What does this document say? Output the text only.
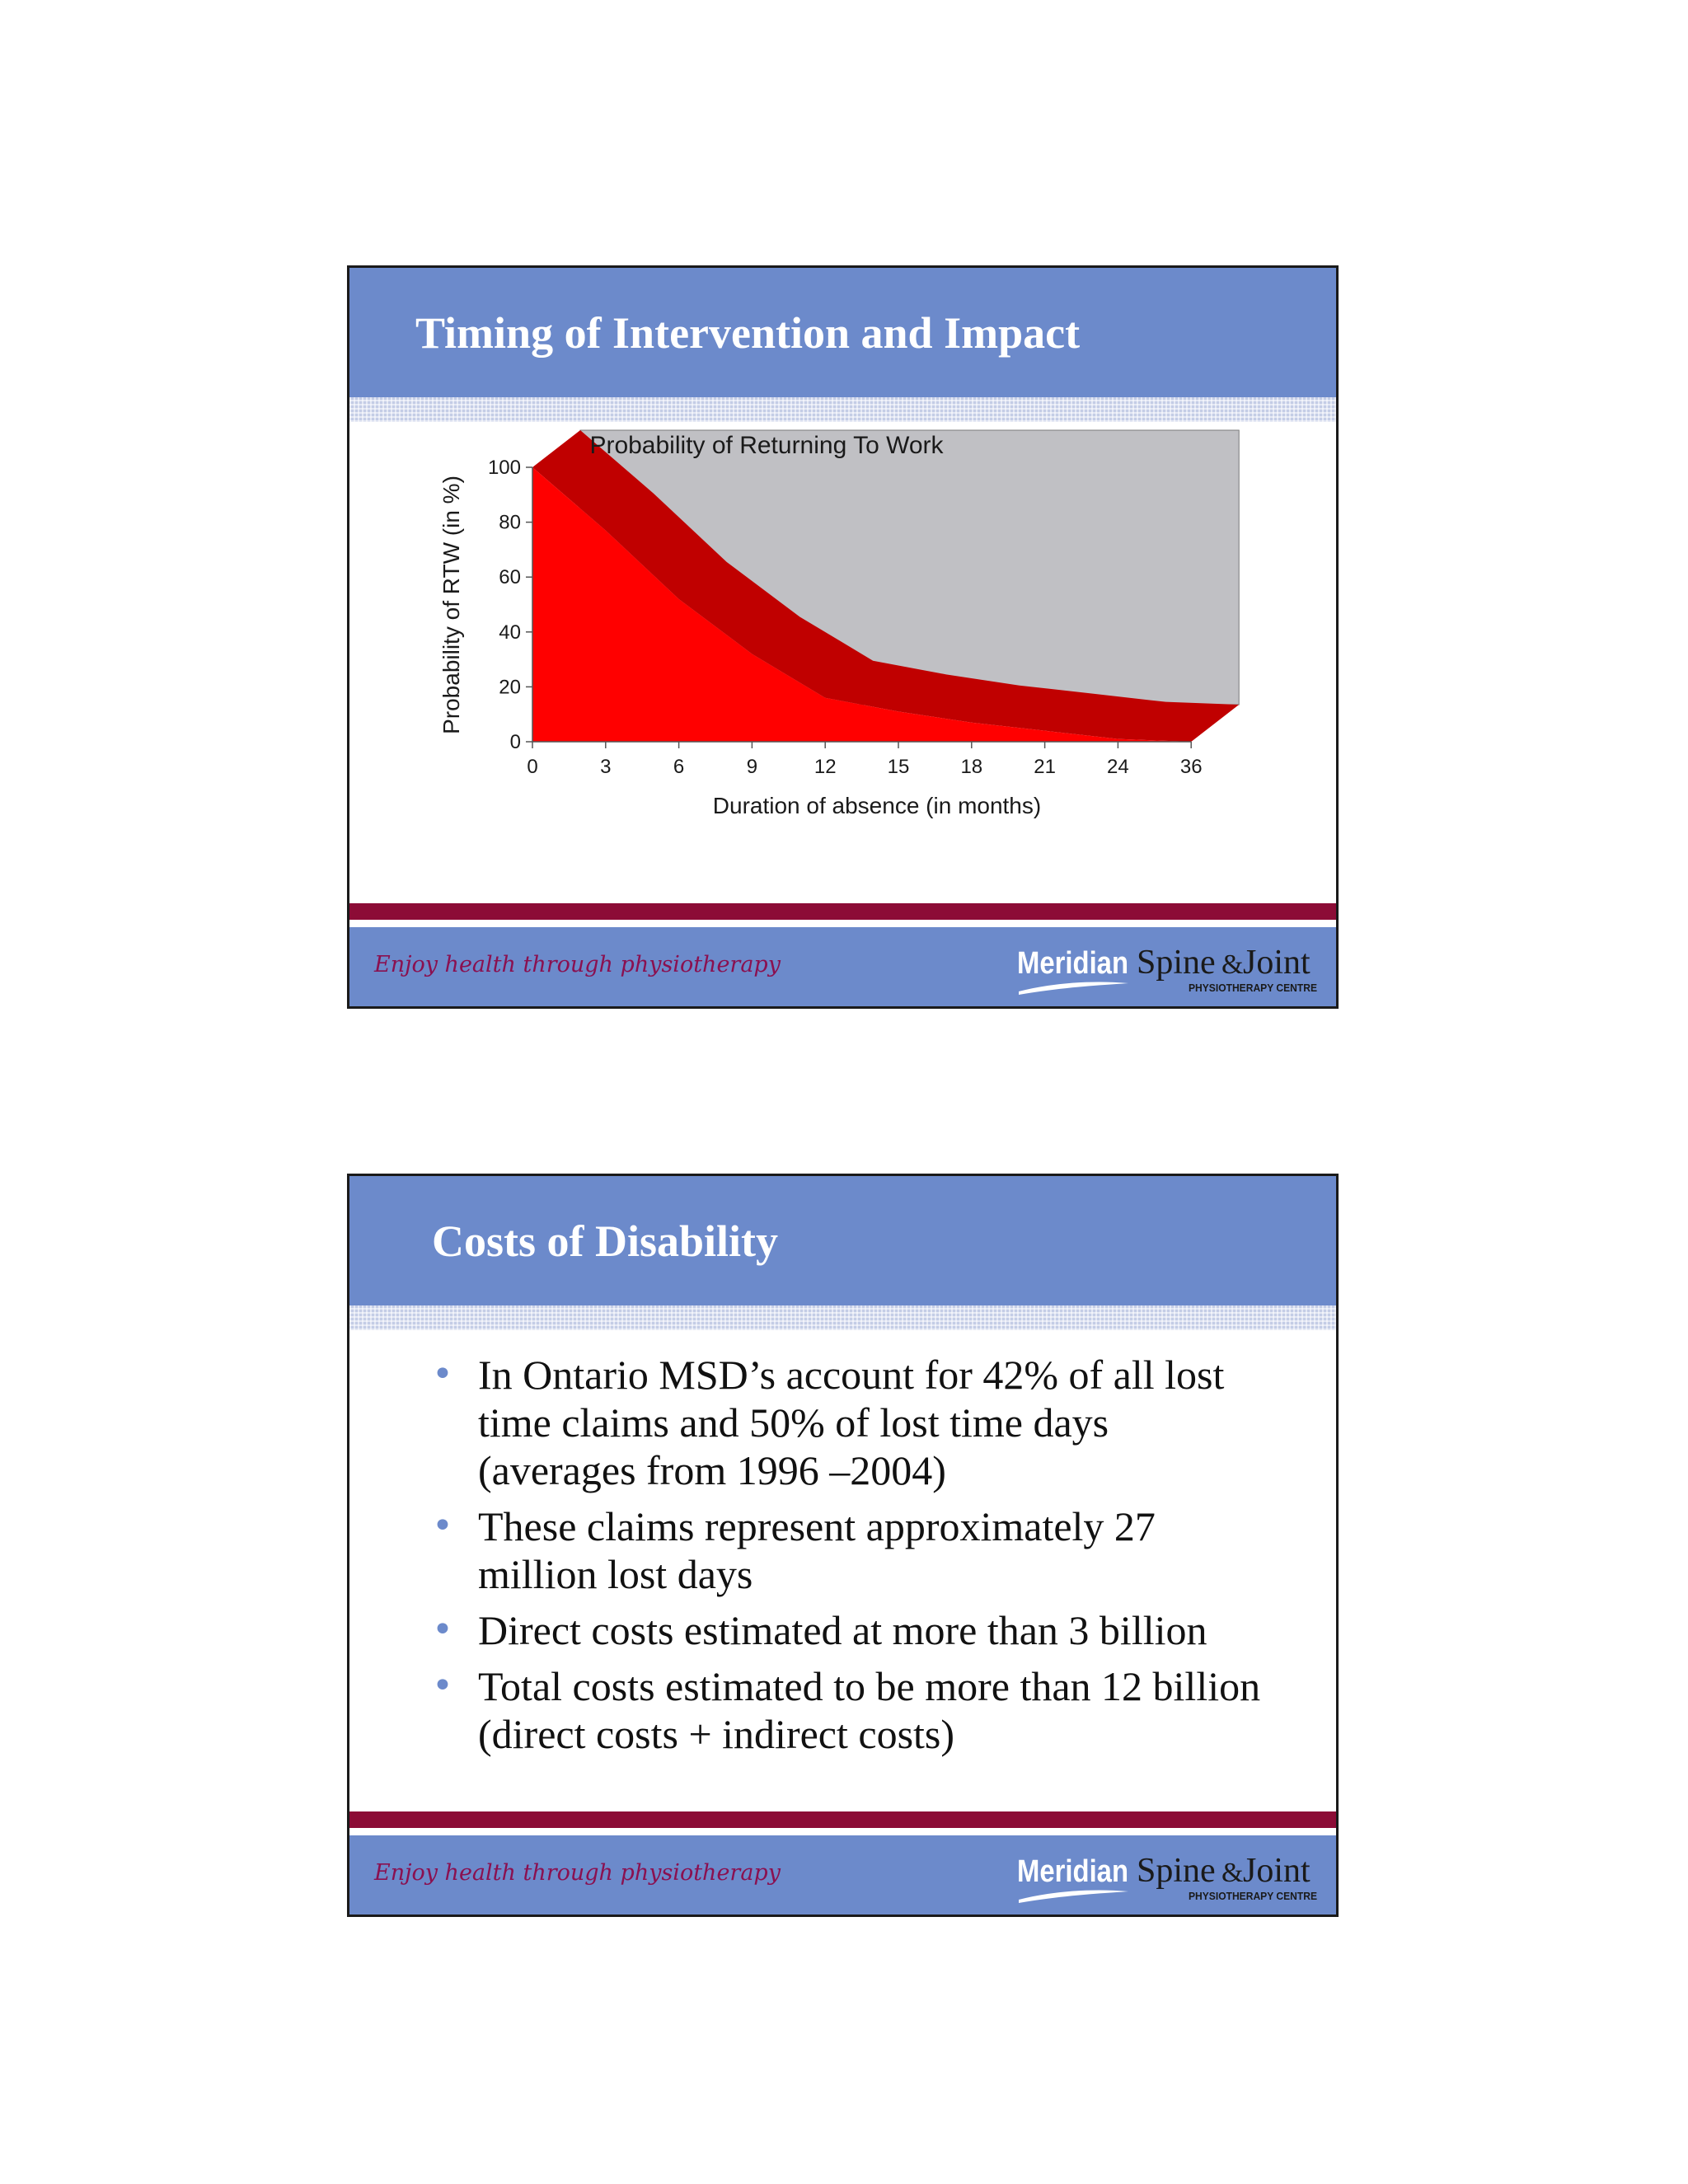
Timing of Intervention and Impact
0
20
40
60
80
100
0	3	6	9	12	15	18	21	24	36
Probability of Returning To Work
Duration of absence (in months)
Probability of RTW (in %)
Enjoy health through physiotherapy	Meridian Spine & Joint
PHYSIOTHERAPY CENTRE
Costs of Disability
• In Ontario MSD’s account for 42% of all lost time claims and 50% of lost time days (averages from 1996 –2004)
• These claims represent approximately 27 million lost days
• Direct costs estimated at more than 3 billion
• Total costs estimated to be more than 12 billion (direct costs + indirect costs)
Enjoy health through physiotherapy	Meridian Spine & Joint
PHYSIOTHERAPY CENTRE
